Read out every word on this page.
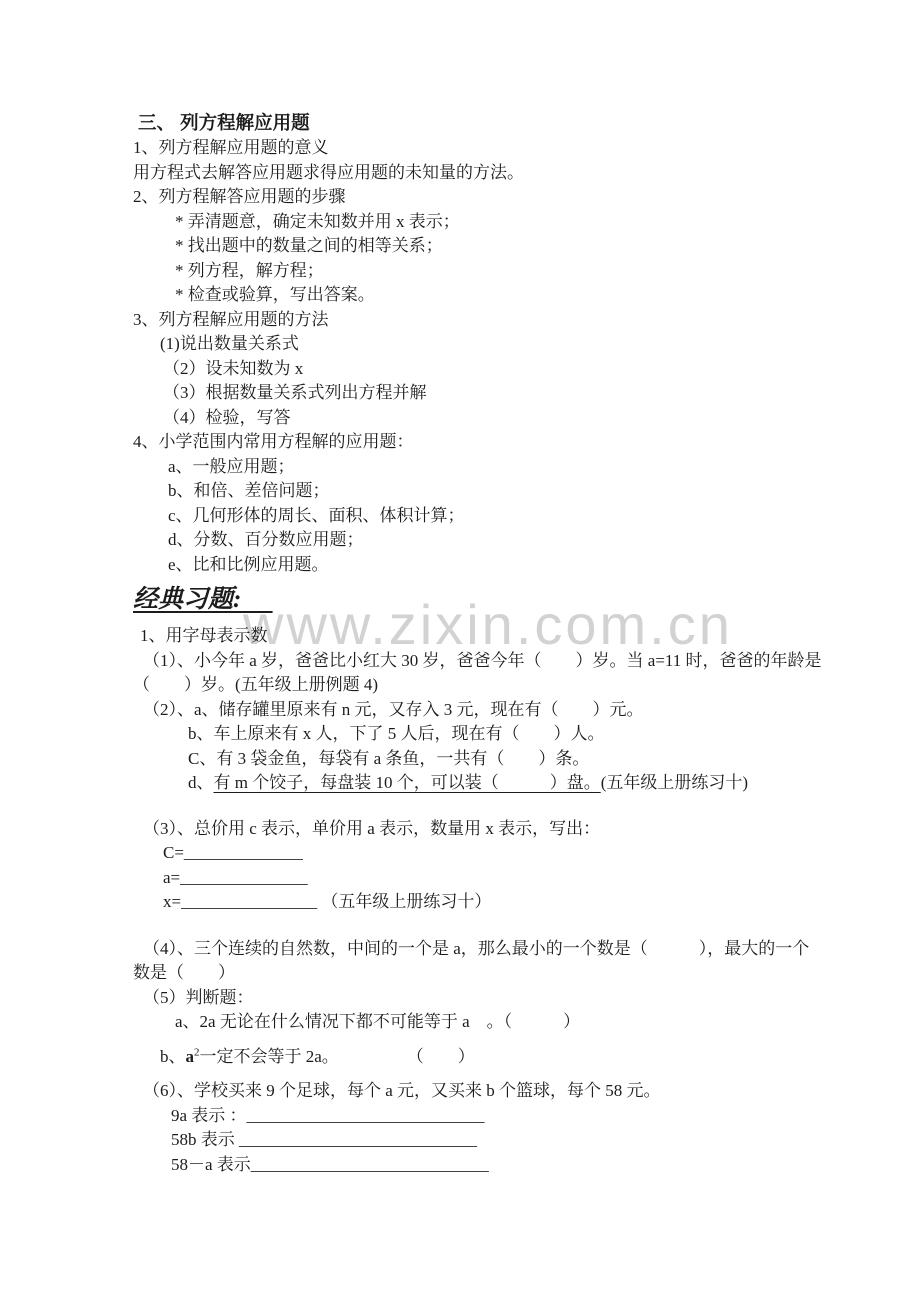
www.zixin.com.cn
三、 列方程解应用题
1、列方程解应用题的意义
用方程式去解答应用题求得应用题的未知量的方法。
2、列方程解答应用题的步骤
* 弄清题意，确定未知数并用 x 表示；
* 找出题中的数量之间的相等关系；
* 列方程，解方程；
* 检查或验算，写出答案。
3、列方程解应用题的方法
(1)说出数量关系式
（2）设未知数为 x
（3）根据数量关系式列出方程并解
（4）检验，写答
4、小学范围内常用方程解的应用题：
a、一般应用题；
b、和倍、差倍问题；
c、几何形体的周长、面积、体积计算；
d、分数、百分数应用题；
e、比和比例应用题。
经典习题: 　
1、用字母表示数
（1）、小今年 a 岁，爸爸比小红大 30 岁，爸爸今年（　　）岁。当 a=11 时，爸爸的年龄是
（　　）岁。(五年级上册例题 4)
（2）、a、储存罐里原来有 n 元，又存入 3 元，现在有（　　）元。
b、车上原来有 x 人，下了 5 人后，现在有（　　）人。
C、有 3 袋金鱼，每袋有 a 条鱼，一共有（　　）条。
d、有 m 个饺子，每盘装 10 个，可以装（　　　）盘。(五年级上册练习十)
（3）、总价用 c 表示，单价用 a 表示，数量用 x 表示，写出：
C=______________
a=_______________
x=________________ （五年级上册练习十）
（4）、三个连续的自然数，中间的一个是 a，那么最小的一个数是（　　　），最大的一个
数是（　　）
（5）判断题：
a、2a 无论在什么情况下都不可能等于 a　。（　　　）
b、$a^2$一定不会等于 2a。　　　　　（　　）
（6）、学校买来 9 个足球，每个 a 元，又买来 b 个篮球，每个 58 元。
9a 表示 ：____________________________
58b 表示 ____________________________
58－a 表示____________________________
